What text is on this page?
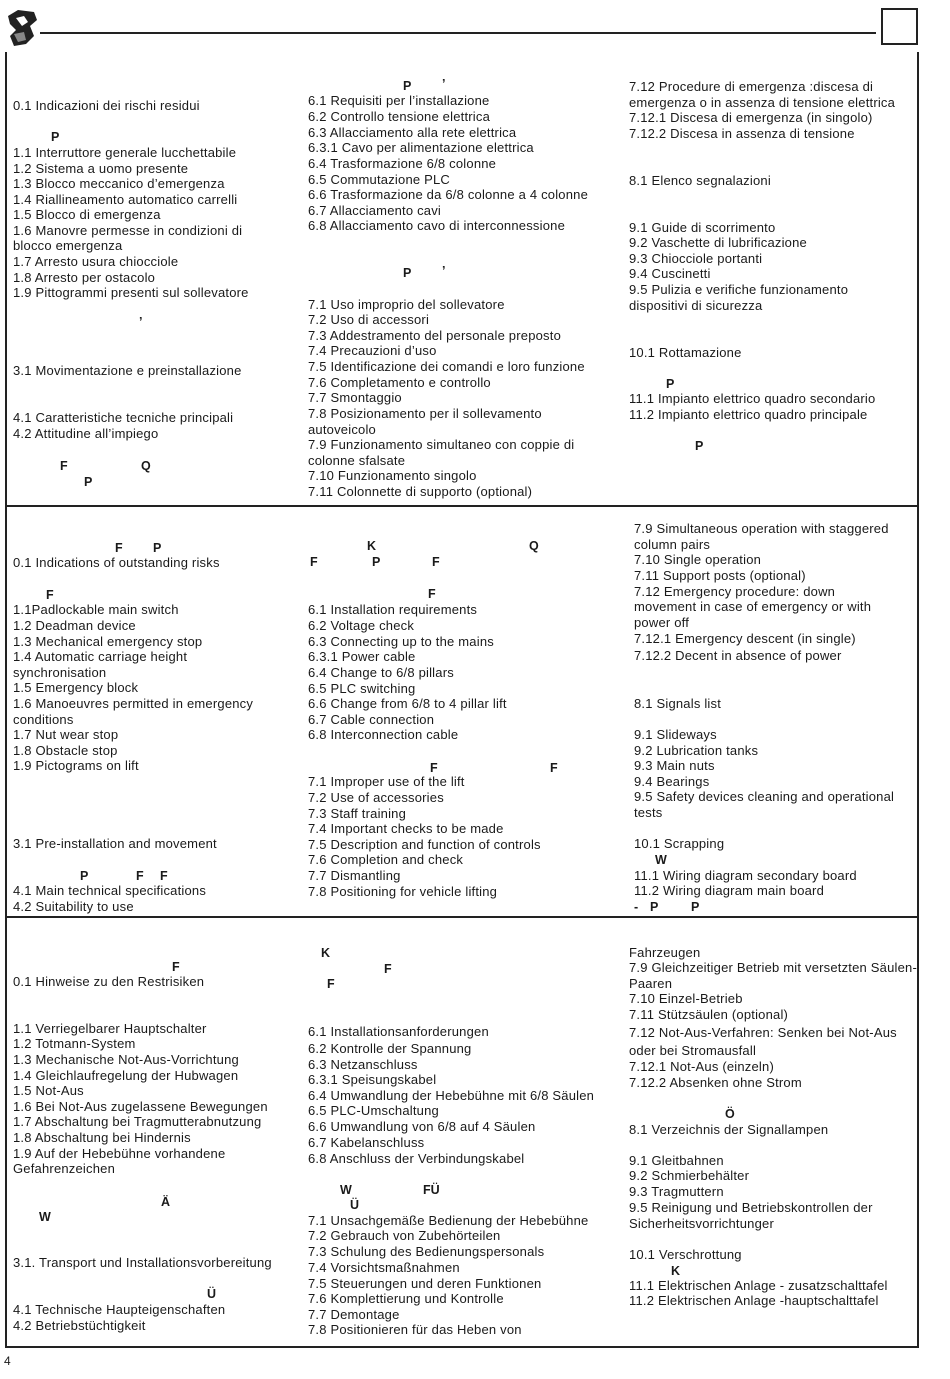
P
’
F	Q
P
0.1 Indicazioni dei rischi residui
1.1 Interruttore generale lucchettabile
1.2 Sistema a uomo presente
1.3 Blocco meccanico d’emergenza
1.4 Riallineamento automatico carrelli
1.5 Blocco di emergenza
1.6 Manovre permesse in condizioni di
blocco emergenza
1.7 Arresto usura chiocciole
1.8 Arresto per ostacolo
1.9 Pittogrammi presenti sul sollevatore
3.1 Movimentazione e preinstallazione
4.1 Caratteristiche tecniche principali
4.2 Attitudine all’impiego
P ’
P ’
6.1 Requisiti per l’installazione
6.2 Controllo tensione elettrica
6.3 Allacciamento alla rete elettrica
6.3.1 Cavo per alimentazione elettrica
6.4 Trasformazione 6/8 colonne
6.5 Commutazione PLC
6.6 Trasformazione da 6/8 colonne a 4 colonne
6.7 Allacciamento cavi
6.8 Allacciamento cavo di interconnessione
7.1 Uso improprio del sollevatore
7.2 Uso di accessori
7.3 Addestramento del personale preposto
7.4 Precauzioni d’uso
7.5 Identificazione dei comandi e loro funzione
7.6 Completamento e controllo
7.7 Smontaggio
7.8 Posizionamento per il sollevamento
autoveicolo
7.9 Funzionamento simultaneo con coppie di
colonne sfalsate
7.10 Funzionamento singolo
7.11 Colonnette di supporto (optional)
P
P
7.12 Procedure di emergenza :discesa di
emergenza o in assenza di tensione elettrica
7.12.1 Discesa di emergenza (in singolo)
7.12.2 Discesa in assenza di tensione
8.1 Elenco segnalazioni
9.1 Guide di scorrimento
9.2 Vaschette di lubrificazione
9.3 Chiocciole portanti
9.4 Cuscinetti
9.5 Pulizia e verifiche funzionamento
dispositivi di sicurezza
10.1 Rottamazione
11.1 Impianto elettrico quadro secondario
11.2 Impianto elettrico quadro principale
F P
F
P	F F
0.1 Indications of outstanding risks
1.1Padlockable main switch
1.2 Deadman device
1.3 Mechanical emergency stop
1.4 Automatic carriage height
synchronisation
1.5 Emergency block
1.6 Manoeuvres permitted in emergency
conditions
1.7 Nut wear stop
1.8 Obstacle stop
1.9 Pictograms on lift
3.1 Pre-installation and movement
4.1 Main technical specifications
4.2 Suitability to use
K	Q
F	P	F
F
F	F
6.1 Installation requirements
6.2 Voltage check
6.3 Connecting up to the mains
6.3.1 Power cable
6.4 Change to 6/8 pillars
6.5 PLC switching
6.6 Change from 6/8 to 4 pillar lift
6.7 Cable connection
6.8 Interconnection cable
7.1 Improper use of the lift
7.2 Use of accessories
7.3 Staff training
7.4 Important checks to be made
7.5 Description and function of controls
7.6 Completion and check
7.7 Dismantling
7.8 Positioning for vehicle lifting
W
- P	P
7.9 Simultaneous operation with staggered
column pairs
7.10 Single operation
7.11 Support posts (optional)
7.12 Emergency procedure: down
movement in case of emergency or with
power off
7.12.1 Emergency descent (in single)
7.12.2 Decent in absence of power
8.1 Signals list
9.1 Slideways
9.2 Lubrication tanks
9.3 Main nuts
9.4 Bearings
9.5 Safety devices cleaning and operational
tests
10.1 Scrapping
11.1 Wiring diagram secondary board
11.2 Wiring diagram main board
F
Ä
W
Ü
0.1 Hinweise zu den Restrisiken
1.1 Verriegelbarer Hauptschalter
1.2 Totmann-System
1.3 Mechanische Not-Aus-Vorrichtung
1.4 Gleichlaufregelung der Hubwagen
1.5 Not-Aus
1.6 Bei Not-Aus zugelassene Bewegungen
1.7 Abschaltung bei Tragmutterabnutzung
1.8 Abschaltung bei Hindernis
1.9 Auf der Hebebühne vorhandene
Gefahrenzeichen
3.1. Transport und Installationsvorbereitung
4.1 Technische Haupteigenschaften
4.2 Betriebstüchtigkeit
K
F
F
W	FÜ
Ü
6.1 Installationsanforderungen
6.2 Kontrolle der Spannung
6.3 Netzanschluss
6.3.1 Speisungskabel
6.4 Umwandlung der Hebebühne mit 6/8 Säulen
6.5 PLC-Umschaltung
6.6 Umwandlung von 6/8 auf 4 Säulen
6.7 Kabelanschluss
6.8 Anschluss der Verbindungskabel
7.1 Unsachgemäße Bedienung der Hebebühne
7.2 Gebrauch von Zubehörteilen
7.3 Schulung des Bedienungspersonals
7.4 Vorsichtsmaßnahmen
7.5 Steuerungen und deren Funktionen
7.6 Komplettierung und Kontrolle
7.7 Demontage
7.8 Positionieren für das Heben von
Ö
K
Fahrzeugen
7.9 Gleichzeitiger Betrieb mit versetzten Säulen-
Paaren
7.10 Einzel-Betrieb
7.11 Stützsäulen (optional)
7.12 Not-Aus-Verfahren: Senken bei Not-Aus
oder bei Stromausfall
7.12.1 Not-Aus (einzeln)
7.12.2 Absenken ohne Strom
8.1 Verzeichnis der Signallampen
9.1 Gleitbahnen
9.2 Schmierbehälter
9.3 Tragmuttern
9.5 Reinigung und Betriebskontrollen der
Sicherheitsvorrichtunger
10.1 Verschrottung
11.1 Elektrischen Anlage - zusatzschalttafel
11.2 Elektrischen Anlage -hauptschalttafel
4
